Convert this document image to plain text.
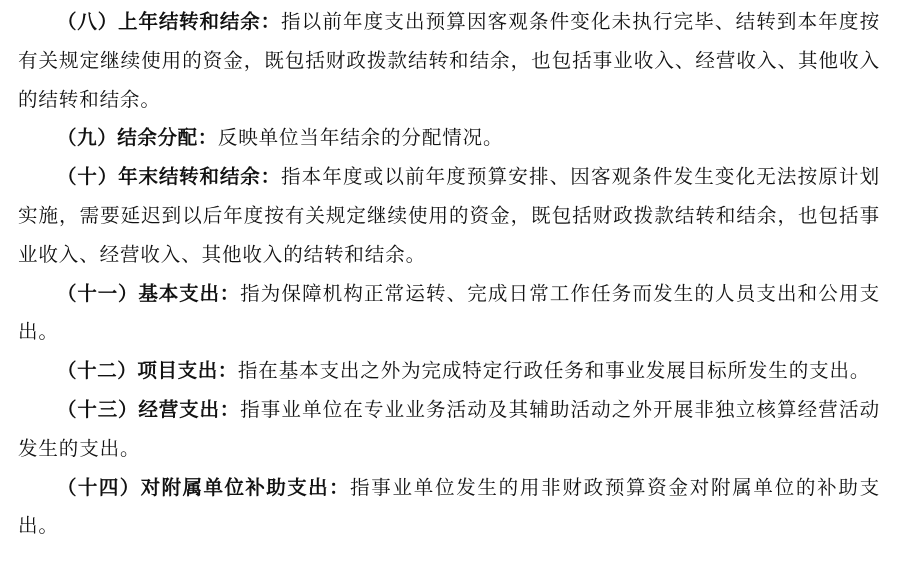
（八）上年结转和结余：指以前年度支出预算因客观条件变化未执行完毕、结转到本年度按有关规定继续使用的资金，既包括财政拨款结转和结余，也包括事业收入、经营收入、其他收入的结转和结余。

（九）结余分配：反映单位当年结余的分配情况。

（十）年末结转和结余：指本年度或以前年度预算安排、因客观条件发生变化无法按原计划实施，需要延迟到以后年度按有关规定继续使用的资金，既包括财政拨款结转和结余，也包括事业收入、经营收入、其他收入的结转和结余。

（十一）基本支出：指为保障机构正常运转、完成日常工作任务而发生的人员支出和公用支出。

（十二）项目支出：指在基本支出之外为完成特定行政任务和事业发展目标所发生的支出。

（十三）经营支出：指事业单位在专业业务活动及其辅助活动之外开展非独立核算经营活动发生的支出。

（十四）对附属单位补助支出：指事业单位发生的用非财政预算资金对附属单位的补助支出。
